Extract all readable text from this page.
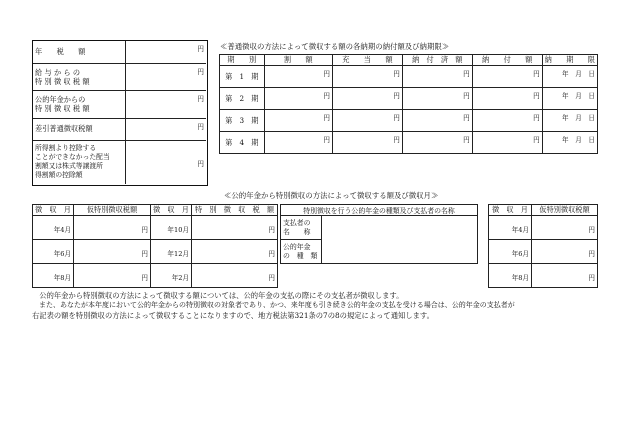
年　　税　　額	円

給 与 か ら の
特 別 徴 収 税 額	円

公的年金からの
特 別 徴 収 税 額	円
差引普通徴収税額	円

所得割より控除する
ことができなかった配当
割額又は株式等譲渡所
得割額の控除額	円
≪普通徴収の方法によって徴収する額の各納期の納付額及び納期限≫
期　　別	割　　額	充　　当　　額	納　付　済　額	納　　付　　額	納　　期　　限
第　1　期	円	円	円	円	年　月　日
第　2　期	円	円	円	円	年　月　日
第　3　期	円	円	円	円	年　月　日
第　4　期	円	円	円	円	年　月　日
≪公的年金から特別徴収の方法によって徴収する額及び徴収月≫
徴　収　月	仮特別徴収税額	徴　収　月	特　別　徴　収　税　額
年4月	円	年10月	円
年6月	円	年12月	円
年8月	円	年2月	円
特別徴収を行う公的年金の種類及び支払者の名称	

支払者の
名　　称	

公的年金
の　種　類	

徴　収　月	仮特別徴収税額
年4月	円
年6月	円
年8月	円
　公的年金から特別徴収の方法によって徴収する額については、公的年金の支払の際にその支払者が徴収します。
　また、あなたが本年度において公的年金からの特別徴収の対象者であり、かつ、来年度も引き続き公的年金の支払を受ける場合は、公的年金の支払者が
右記表の額を特別徴収の方法によって徴収することになりますので、地方税法第321条の7の8の規定によって通知します。
